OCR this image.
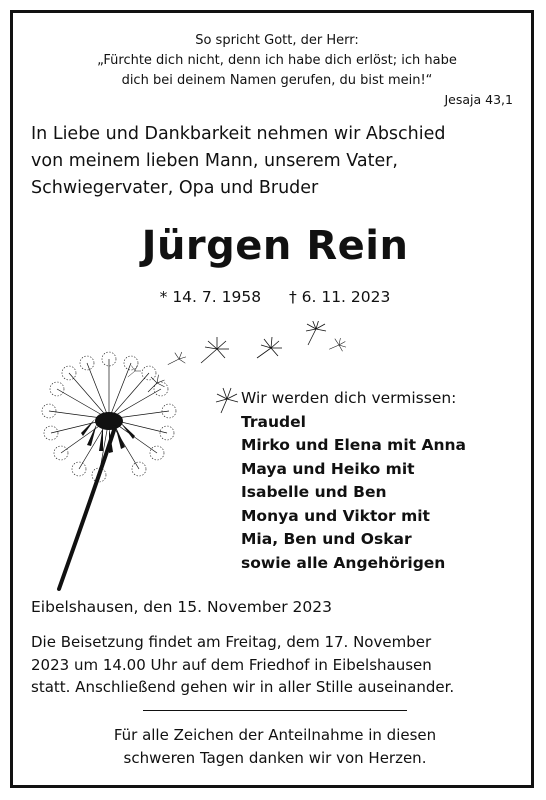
So spricht Gott, der Herr:
„Fürchte dich nicht, denn ich habe dich erlöst; ich habe
dich bei deinem Namen gerufen, du bist mein!“
Jesaja 43,1
In Liebe und Dankbarkeit nehmen wir Abschied
von meinem lieben Mann, unserem Vater,
Schwiegervater, Opa und Bruder
Jürgen Rein
* 14. 7. 1958 † 6. 11. 2023
Wir werden dich vermissen:
Traudel
Mirko und Elena mit Anna
Maya und Heiko mit
Isabelle und Ben
Monya und Viktor mit
Mia, Ben und Oskar
sowie alle Angehörigen
Eibelshausen, den 15. November 2023
Die Beisetzung findet am Freitag, dem 17. November
2023 um 14.00 Uhr auf dem Friedhof in Eibelshausen
statt. Anschließend gehen wir in aller Stille auseinander.
Für alle Zeichen der Anteilnahme in diesen
schweren Tagen danken wir von Herzen.
